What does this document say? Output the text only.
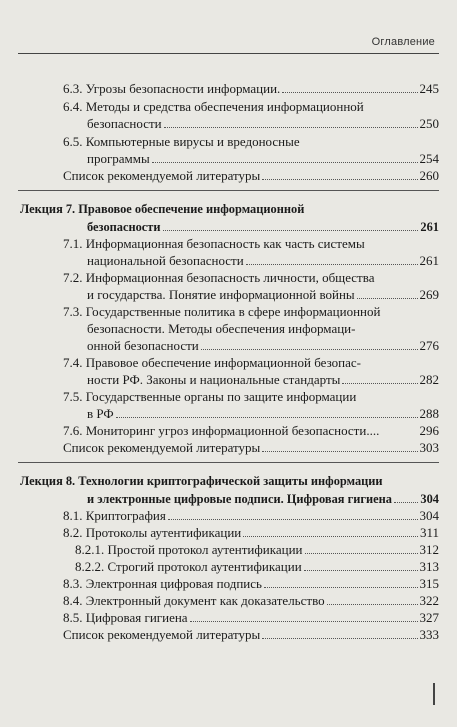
Оглавление
6.3. Угрозы безопасности информации.	245
6.4. Методы и средства обеспечения информационной
безопасности	250
6.5. Компьютерные вирусы и вредоносные
программы	254
Список рекомендуемой литературы	260
Лекция 7. Правовое обеспечение информационной
безопасности	261
7.1. Информационная безопасность как часть системы
национальной безопасности	261
7.2. Информационная безопасность личности, общества
и государства. Понятие информационной войны	269
7.3. Государственные политика в сфере информационной
безопасности. Методы обеспечения информаци-
онной безопасности	276
7.4. Правовое обеспечение информационной безопас-
ности РФ. Законы и национальные стандарты	282
7.5. Государственные органы по защите информации
в РФ	288
7.6. Мониторинг угроз информационной безопасности....	296
Список рекомендуемой литературы	303
Лекция 8. Технологии криптографической защиты информации
и электронные цифровые подписи. Цифровая гигиена 304
8.1. Криптография	304
8.2. Протоколы аутентификации	311
8.2.1. Простой протокол аутентификации	312
8.2.2. Строгий протокол аутентификации	313
8.3. Электронная цифровая подпись	315
8.4. Электронный документ как доказательство	322
8.5. Цифровая гигиена	327
Список рекомендуемой литературы	333
